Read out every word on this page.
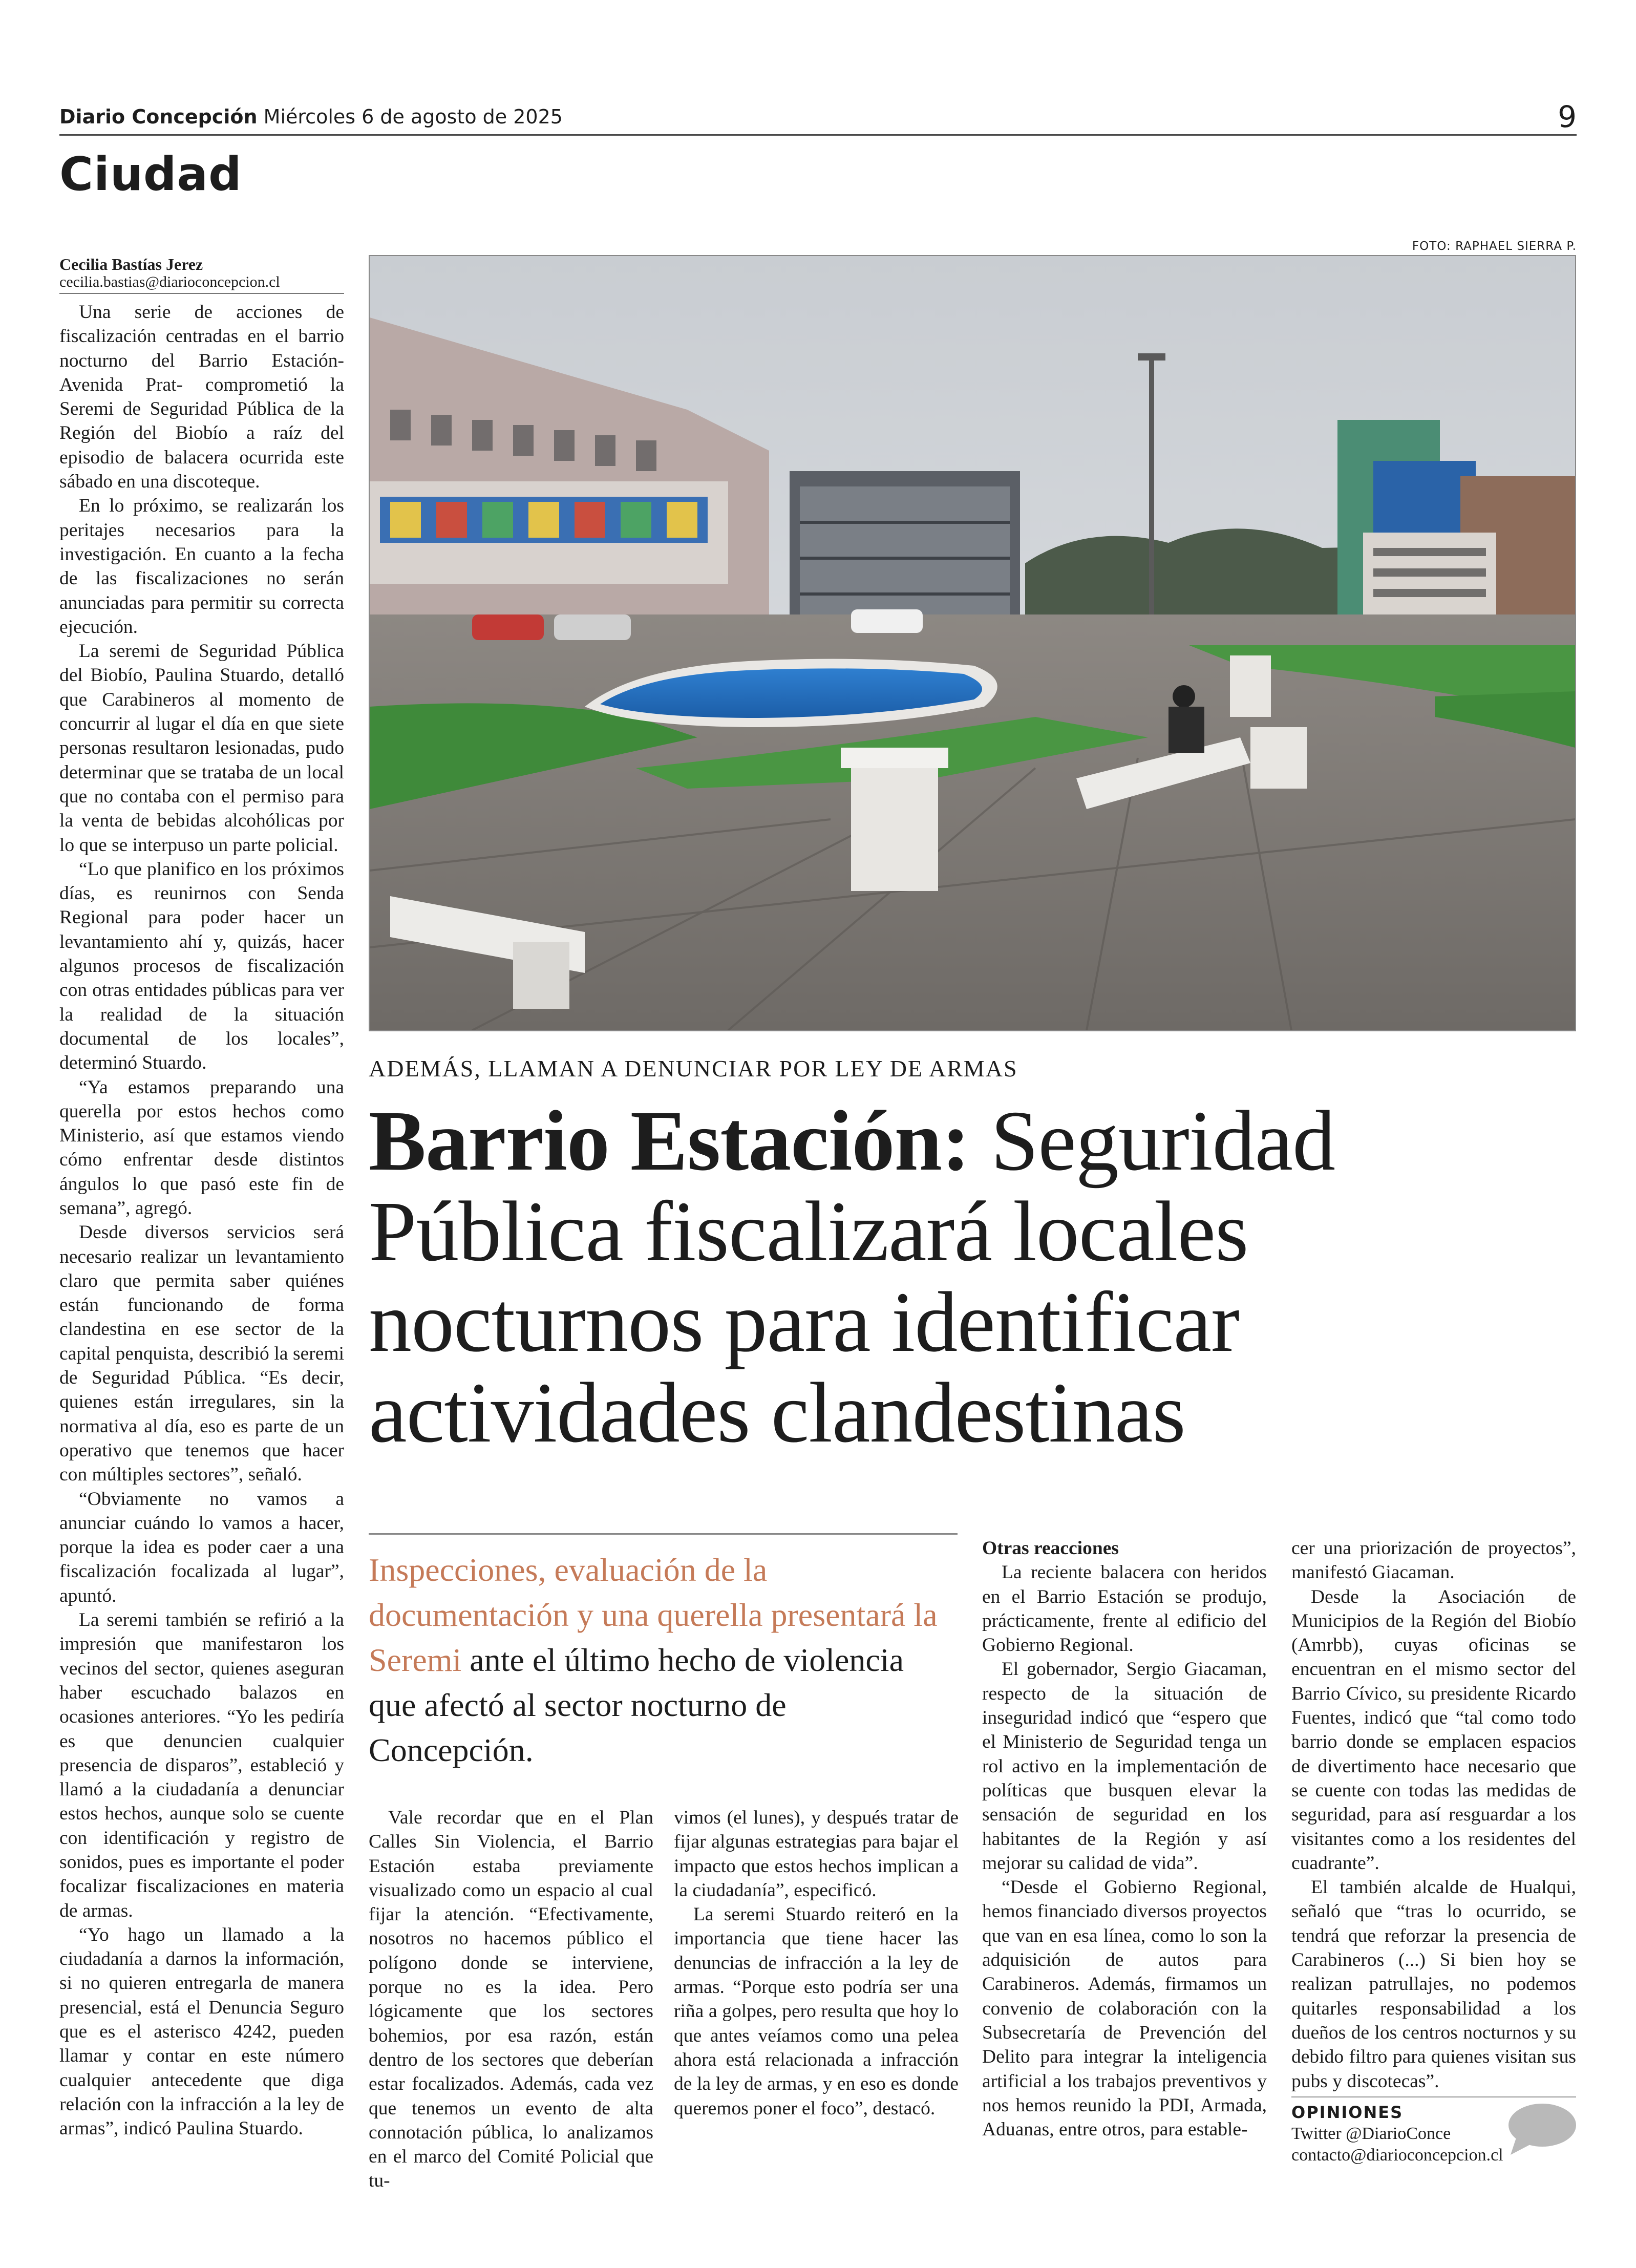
Diario Concepción Miércoles 6 de agosto de 2025	9
Ciudad
Cecilia Bastías Jerez
cecilia.bastias@diarioconcepcion.cl

Una serie de acciones de fiscalización centradas en el barrio nocturno del Barrio Estación- Avenida Prat- comprometió la Seremi de Seguridad Pública de la Región del Biobío a raíz del episodio de balacera ocurrida este sábado en una discoteque.

En lo próximo, se realizarán los peritajes necesarios para la investigación. En cuanto a la fecha de las fiscalizaciones no serán anunciadas para permitir su correcta ejecución.

La seremi de Seguridad Pública del Biobío, Paulina Stuardo, detalló que Carabineros al momento de concurrir al lugar el día en que siete personas resultaron lesionadas, pudo determinar que se trataba de un local que no contaba con el permiso para la venta de bebidas alcohólicas por lo que se interpuso un parte policial.

“Lo que planifico en los próximos días, es reunirnos con Senda Regional para poder hacer un levantamiento ahí y, quizás, hacer algunos procesos de fiscalización con otras entidades públicas para ver la realidad de la situación documental de los locales”, determinó Stuardo.

“Ya estamos preparando una querella por estos hechos como Ministerio, así que estamos viendo cómo enfrentar desde distintos ángulos lo que pasó este fin de semana”, agregó.

Desde diversos servicios será necesario realizar un levantamiento claro que permita saber quiénes están funcionando de forma clandestina en ese sector de la capital penquista, describió la seremi de Seguridad Pública. “Es decir, quienes están irregulares, sin la normativa al día, eso es parte de un operativo que tenemos que hacer con múltiples sectores”, señaló.

“Obviamente no vamos a anunciar cuándo lo vamos a hacer, porque la idea es poder caer a una fiscalización focalizada al lugar”, apuntó.

La seremi también se refirió a la impresión que manifestaron los vecinos del sector, quienes aseguran haber escuchado balazos en ocasiones anteriores. “Yo les pediría es que denuncien cualquier presencia de disparos”, estableció y llamó a la ciudadanía a denunciar estos hechos, aunque solo se cuente con identificación y registro de sonidos, pues es importante el poder focalizar fiscalizaciones en materia de armas.

“Yo hago un llamado a la ciudadanía a darnos la información, si no quieren entregarla de manera presencial, está el Denuncia Seguro que es el asterisco 4242, pueden llamar y contar en este número cualquier antecedente que diga relación con la infracción a la ley de armas”, indicó Paulina Stuardo.

FOTO: RAPHAEL SIERRA P.
ADEMÁS, LLAMAN A DENUNCIAR POR LEY DE ARMAS
Barrio Estación: Seguridad Pública fiscalizará locales nocturnos para identificar actividades clandestinas
Inspecciones, evaluación de la documentación y una querella presentará la Seremi ante el último hecho de violencia que afectó al sector nocturno de Concepción.

Vale recordar que en el Plan Calles Sin Violencia, el Barrio Estación estaba previamente visualizado como un espacio al cual fijar la atención. “Efectivamente, nosotros no hacemos público el polígono donde se interviene, porque no es la idea. Pero lógicamente que los sectores bohemios, por esa razón, están dentro de los sectores que deberían estar focalizados. Además, cada vez que tenemos un evento de alta connotación pública, lo analizamos en el marco del Comité Policial que tu-

vimos (el lunes), y después tratar de fijar algunas estrategias para bajar el impacto que estos hechos implican a la ciudadanía”, especificó.

La seremi Stuardo reiteró en la importancia que tiene hacer las denuncias de infracción a la ley de armas. “Porque esto podría ser una riña a golpes, pero resulta que hoy lo que antes veíamos como una pelea ahora está relacionada a infracción de la ley de armas, y en eso es donde queremos poner el foco”, destacó.

Otras reacciones

La reciente balacera con heridos en el Barrio Estación se produjo, prácticamente, frente al edificio del Gobierno Regional.

El gobernador, Sergio Giacaman, respecto de la situación de inseguridad indicó que “espero que el Ministerio de Seguridad tenga un rol activo en la implementación de políticas que busquen elevar la sensación de seguridad en los habitantes de la Región y así mejorar su calidad de vida”.

“Desde el Gobierno Regional, hemos financiado diversos proyectos que van en esa línea, como lo son la adquisición de autos para Carabineros. Además, firmamos un convenio de colaboración con la Subsecretaría de Prevención del Delito para integrar la inteligencia artificial a los trabajos preventivos y nos hemos reunido la PDI, Armada, Aduanas, entre otros, para estable-

cer una priorización de proyectos”, manifestó Giacaman.

Desde la Asociación de Municipios de la Región del Biobío (Amrbb), cuyas oficinas se encuentran en el mismo sector del Barrio Cívico, su presidente Ricardo Fuentes, indicó que “tal como todo barrio donde se emplacen espacios de divertimento hace necesario que se cuente con todas las medidas de seguridad, para así resguardar a los visitantes como a los residentes del cuadrante”.

El también alcalde de Hualqui, señaló que “tras lo ocurrido, se tendrá que reforzar la presencia de Carabineros (...) Si bien hoy se realizan patrullajes, no podemos quitarles responsabilidad a los dueños de los centros nocturnos y su debido filtro para quienes visitan sus pubs y discotecas”.

OPINIONES
Twitter @DiarioConce
contacto@diarioconcepcion.cl
